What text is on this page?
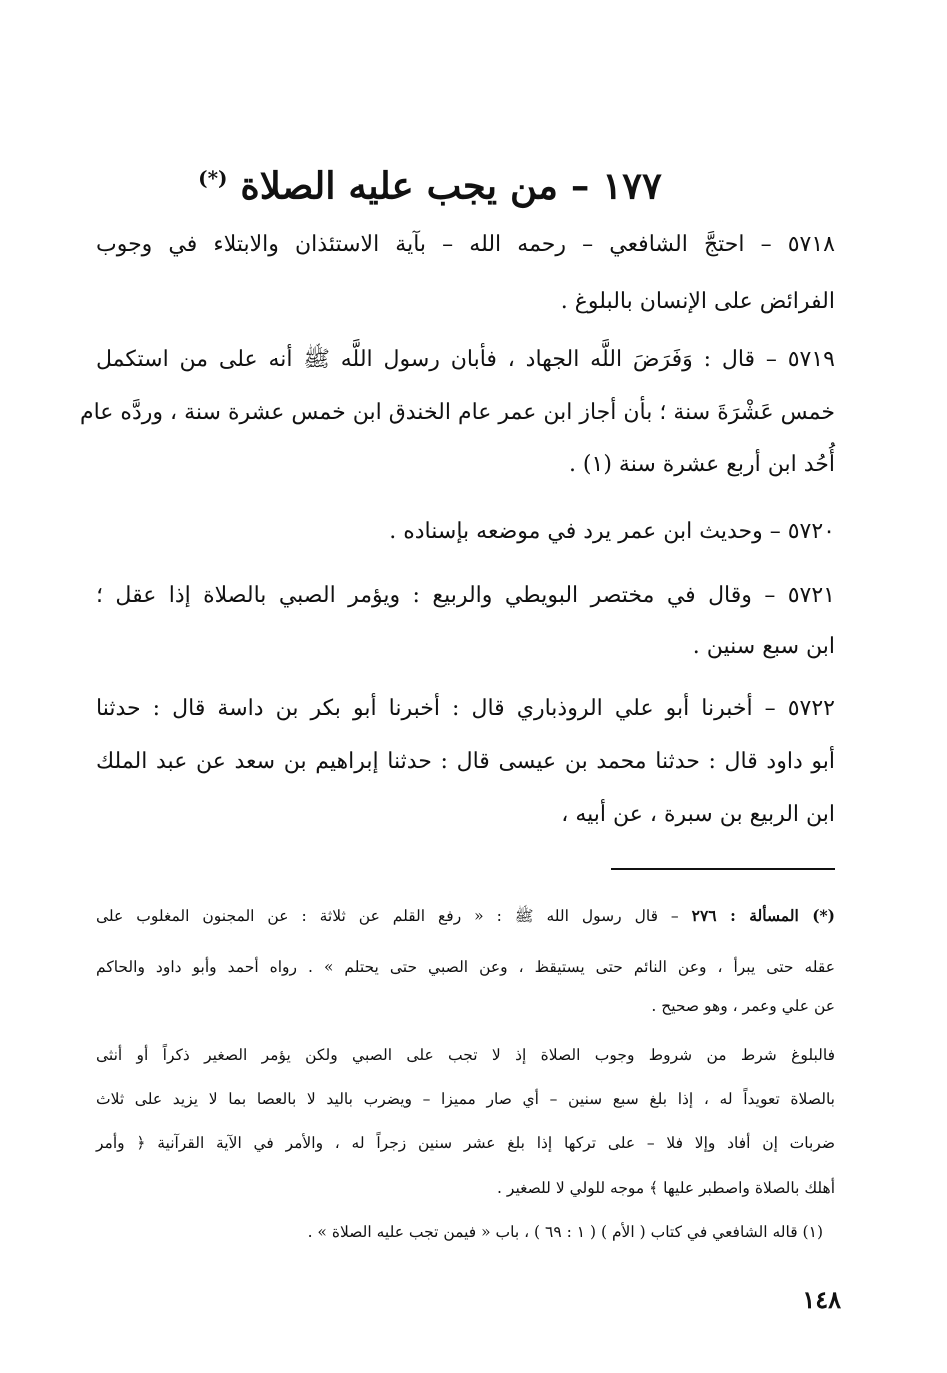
١٧٧ – من يجب عليه الصلاة (*)
٥٧١٨ – احتجَّ الشافعي – رحمه الله – بآية الاستئذان والابتلاء في وجوب
الفرائض على الإنسان بالبلوغ .
٥٧١٩ – قال : وَفَرَضَ اللَّه الجهاد ، فأبان رسول اللَّه ﷺ أنه على من استكمل
خمس عَشْرَةَ سنة ؛ بأن أجاز ابن عمر عام الخندق ابن خمس عشرة سنة ، وردَّه عام
أُحُد ابن أربع عشرة سنة (١) .
٥٧٢٠ – وحديث ابن عمر يرد في موضعه بإسناده .
٥٧٢١ – وقال في مختصر البويطي والربيع : ويؤمر الصبي بالصلاة إذا عقل ؛
ابن سبع سنين .
٥٧٢٢ – أخبرنا أبو علي الروذباري قال : أخبرنا أبو بكر بن داسة قال : حدثنا
أبو داود قال : حدثنا محمد بن عيسى قال : حدثنا إبراهيم بن سعد عن عبد الملك
ابن الربيع بن سبرة ، عن أبيه ،
(*) المسألة : ٢٧٦ – قال رسول الله ﷺ : « رفع القلم عن ثلاثة : عن المجنون المغلوب على
عقله حتى يبرأ ، وعن النائم حتى يستيقظ ، وعن الصبي حتى يحتلم » . رواه أحمد وأبو داود والحاكم
عن علي وعمر ، وهو صحيح .
فالبلوغ شرط من شروط وجوب الصلاة إذ لا تجب على الصبي ولكن يؤمر الصغير ذكراً أو أنثى
بالصلاة تعويداً له ، إذا بلغ سبع سنين – أي صار مميزا – ويضرب باليد لا بالعصا بما لا يزيد على ثلاث
ضربات إن أفاد وإلا فلا – على تركها إذا بلغ عشر سنين زجراً له ، والأمر في الآية القرآنية ﴿ وأمر
أهلك بالصلاة واصطبر عليها ﴾ موجه للولي لا للصغير .
(١) قاله الشافعي في كتاب ( الأم ) ( ١ : ٦٩ ) ، باب « فيمن تجب عليه الصلاة » .
١٤٨
